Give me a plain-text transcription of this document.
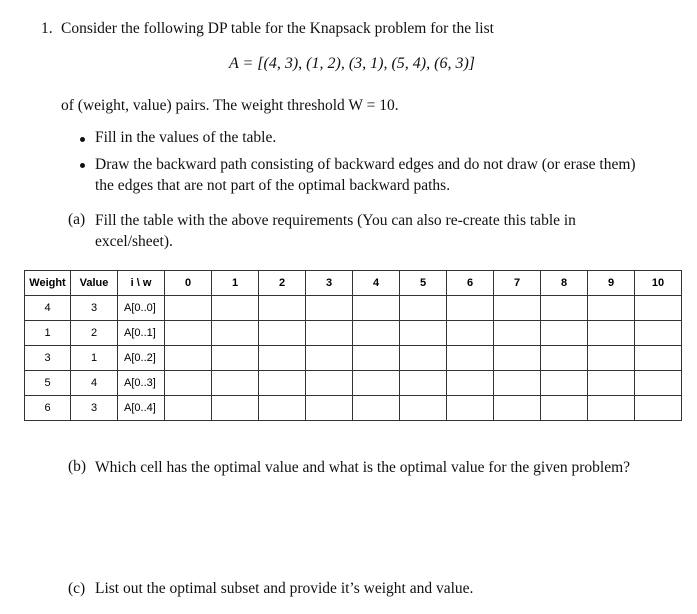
1. Consider the following DP table for the Knapsack problem for the list
A = [(4, 3), (1, 2), (3, 1), (5, 4), (6, 3)]
of (weight, value) pairs. The weight threshold W = 10.
Fill in the values of the table.
Draw the backward path consisting of backward edges and do not draw (or erase them) the edges that are not part of the optimal backward paths.
(a) Fill the table with the above requirements (You can also re-create this table in excel/sheet).
Weight	Value	i \ w	0	1	2	3	4	5	6	7	8	9	10
4	3	A[0..0]											
1	2	A[0..1]											
3	1	A[0..2]											
5	4	A[0..3]											
6	3	A[0..4]											
(b) Which cell has the optimal value and what is the optimal value for the given problem?
(c) List out the optimal subset and provide it’s weight and value.
